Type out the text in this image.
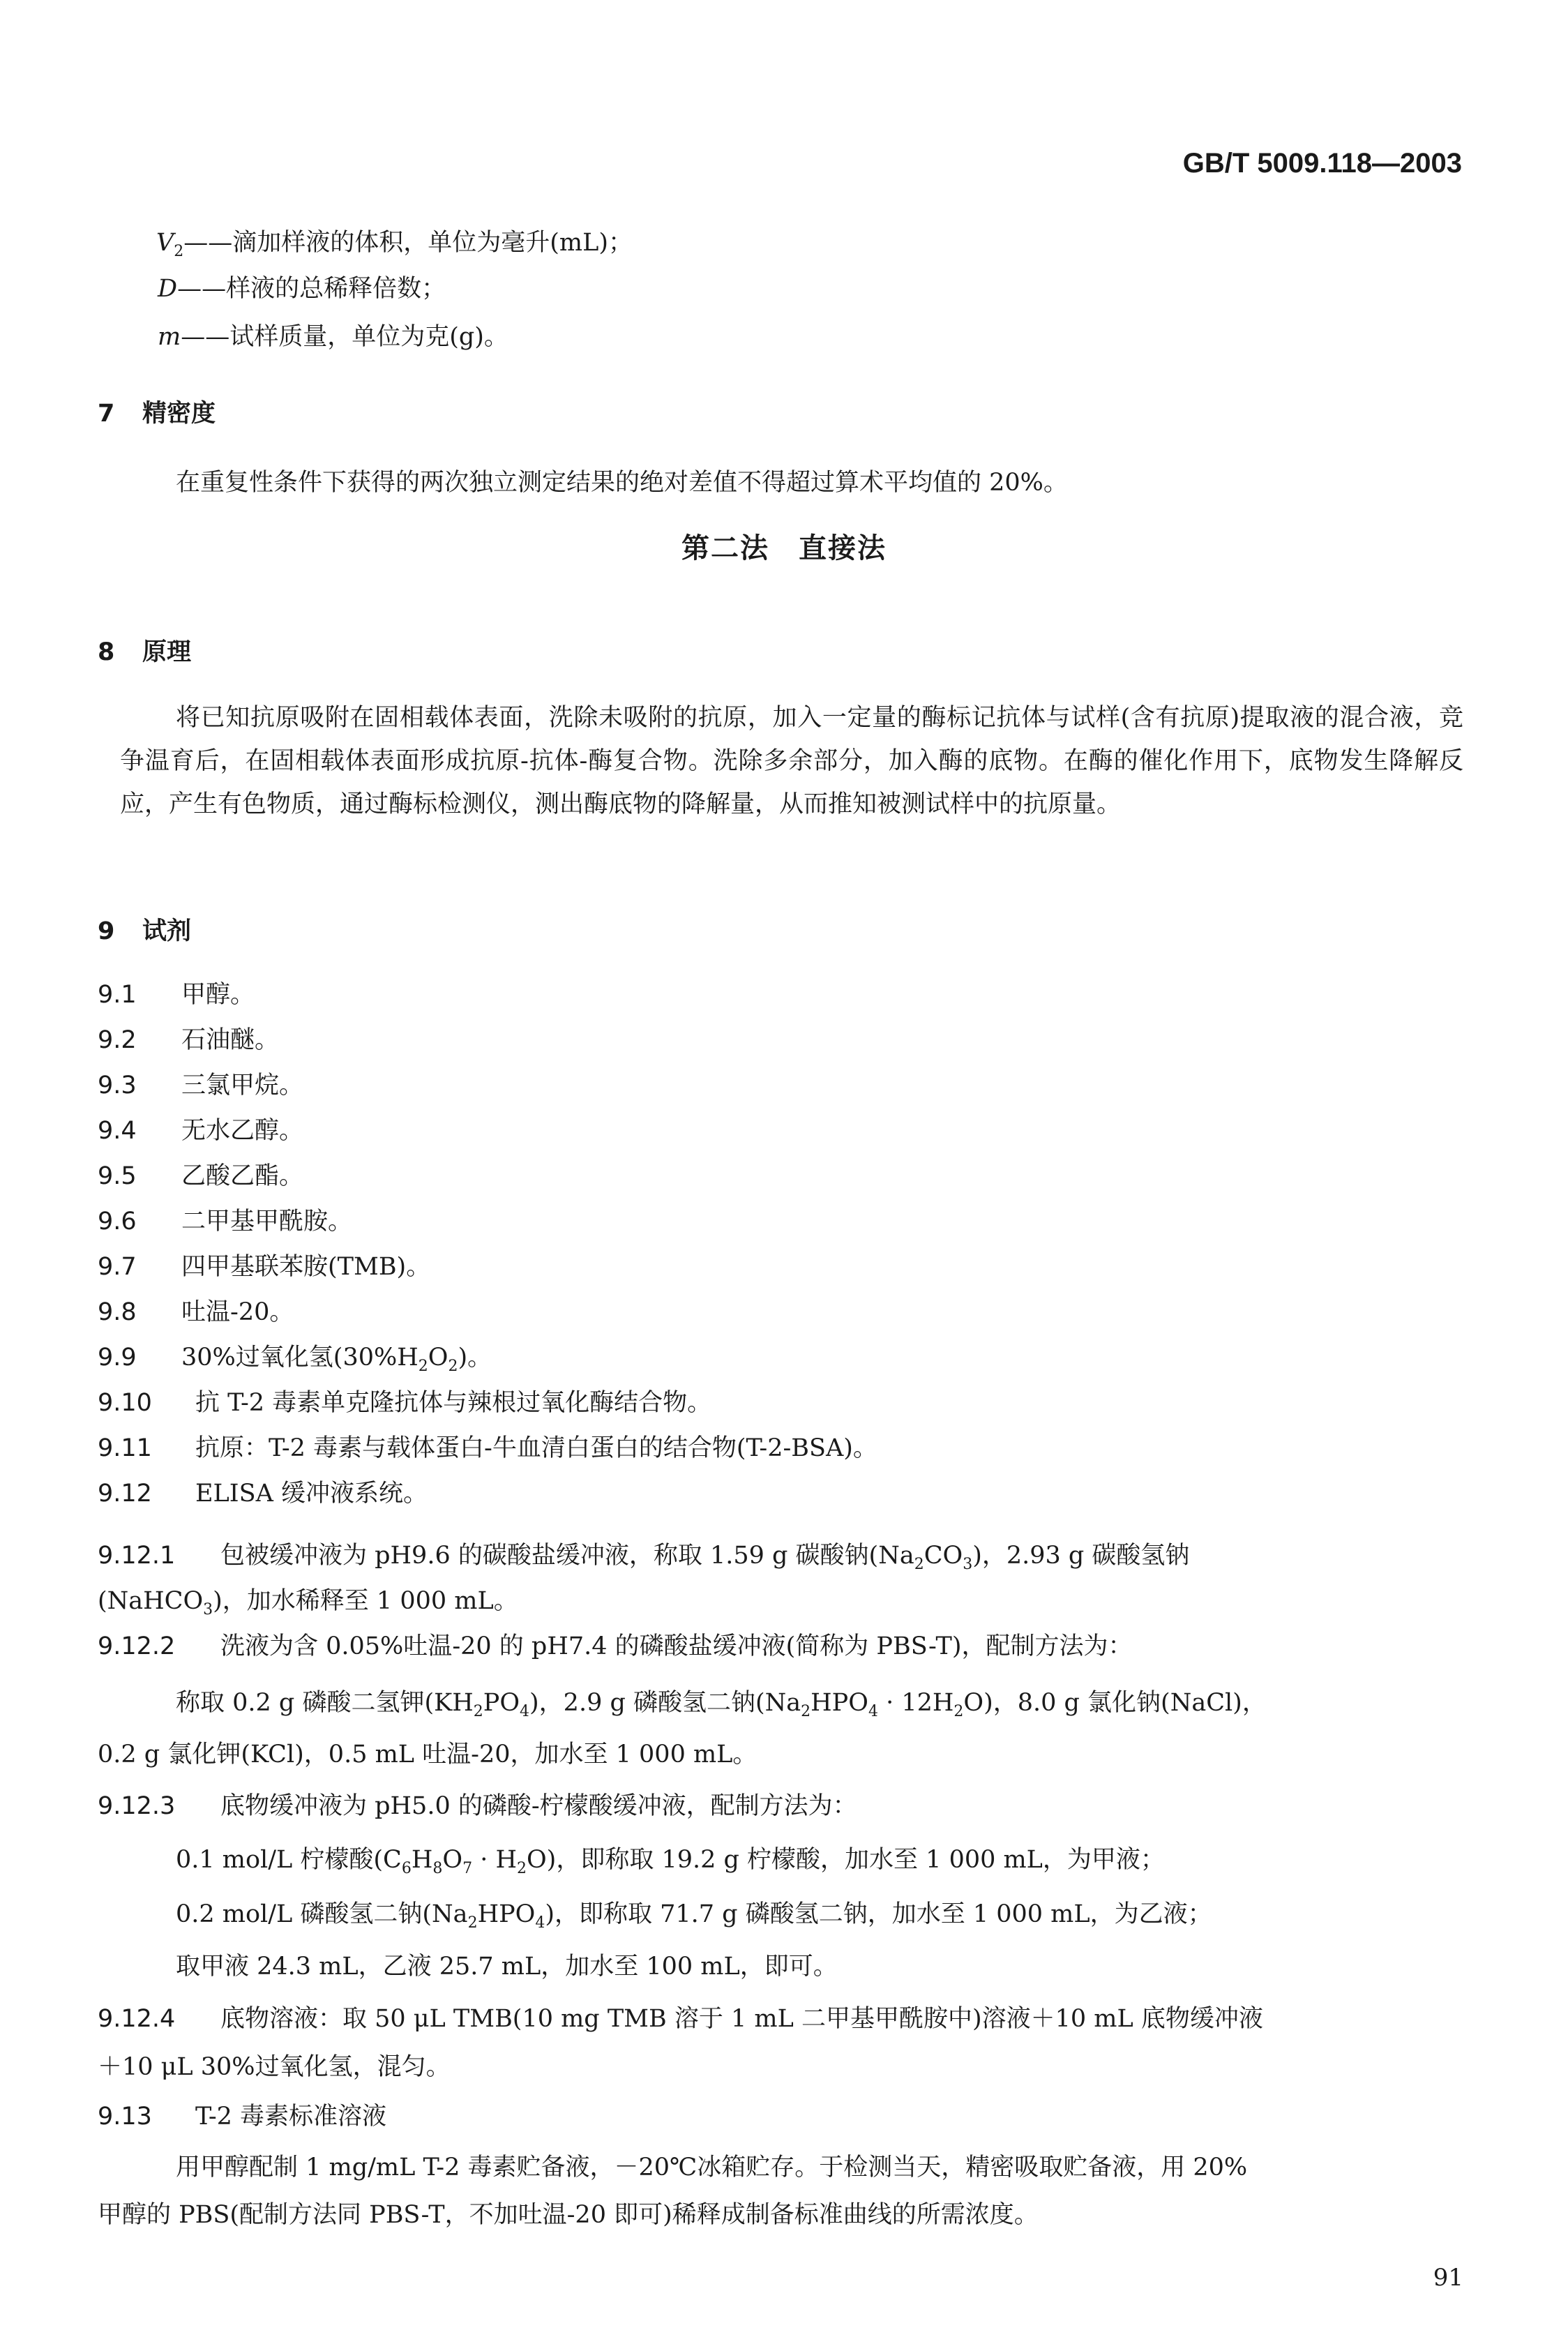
GB/T 5009.118—2003
$V_2——$滴加样液的体积，单位为毫升(mL)；
D——样液的总稀释倍数；
m——试样质量，单位为克(g)。
7 精密度
在重复性条件下获得的两次独立测定结果的绝对差值不得超过算术平均值的 20%。
第二法　直接法
8 原理
将已知抗原吸附在固相载体表面，洗除未吸附的抗原，加入一定量的酶标记抗体与试样(含有抗原)提取液的混合液，竞争温育后，在固相载体表面形成抗原-抗体-酶复合物。洗除多余部分，加入酶的底物。在酶的催化作用下，底物发生降解反应，产生有色物质，通过酶标检测仪，测出酶底物的降解量，从而推知被测试样中的抗原量。
9 试剂
9.1 甲醇。
9.2 石油醚。
9.3 三氯甲烷。
9.4 无水乙醇。
9.5 乙酸乙酯。
9.6 二甲基甲酰胺。
9.7 四甲基联苯胺(TMB)。
9.8 吐温-20。
9.9 30%过氧化氢$(30\%H_2O_2)$。
9.10 抗 T-2 毒素单克隆抗体与辣根过氧化酶结合物。
9.11 抗原：T-2 毒素与载体蛋白-牛血清白蛋白的结合物(T-2-BSA)。
9.12 ELISA 缓冲液系统。
9.12.1 包被缓冲液为 pH9.6 的碳酸盐缓冲液，称取 1.59 g 碳酸钠$(Na_2CO_3)$，2.93 g 碳酸氢钠
(NaHCO$_3$)，加水稀释至 1 000 mL。
9.12.2 洗液为含 0.05%吐温-20 的 pH7.4 的磷酸盐缓冲液(简称为 PBS-T)，配制方法为：
称取 0.2 g 磷酸二氢钾$(KH_2PO_4)$，2.9 g 磷酸氢二钠$(Na_2HPO_4 \cdot 12H_2O)$，8.0 g 氯化钠(NaCl)，
0.2 g 氯化钾(KCl)，0.5 mL 吐温-20，加水至 1 000 mL。
9.12.3 底物缓冲液为 pH5.0 的磷酸-柠檬酸缓冲液，配制方法为：
0.1 mol/L 柠檬酸$(C_6H_8O_7 \cdot H_2O)$，即称取 19.2 g 柠檬酸，加水至 1 000 mL，为甲液；
0.2 mol/L 磷酸氢二钠$(Na_2HPO_4)$，即称取 71.7 g 磷酸氢二钠，加水至 1 000 mL，为乙液；
取甲液 24.3 mL，乙液 25.7 mL，加水至 100 mL，即可。
9.12.4 底物溶液：取 50 μL TMB(10 mg TMB 溶于 1 mL 二甲基甲酰胺中)溶液＋10 mL 底物缓冲液
＋10 μL 30%过氧化氢，混匀。
9.13 T-2 毒素标准溶液
用甲醇配制 1 mg/mL T-2 毒素贮备液，－20℃冰箱贮存。于检测当天，精密吸取贮备液，用 20%
甲醇的 PBS(配制方法同 PBS-T，不加吐温-20 即可)稀释成制备标准曲线的所需浓度。
91
